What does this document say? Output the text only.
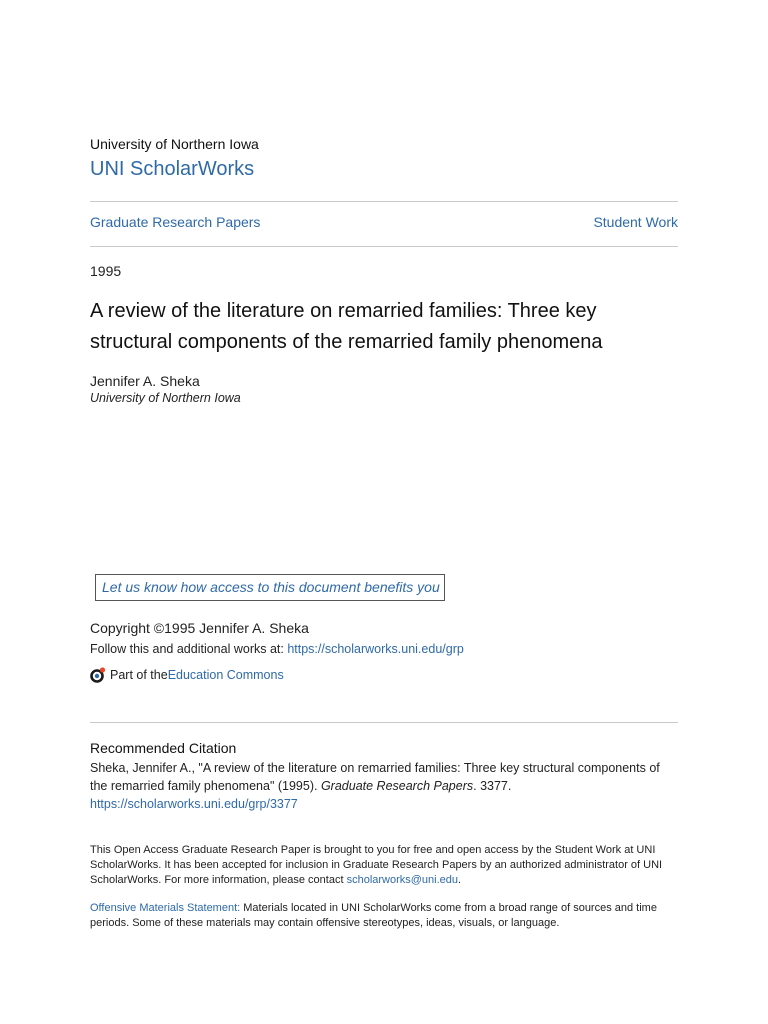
University of Northern Iowa
UNI ScholarWorks
Graduate Research Papers	Student Work
1995
A review of the literature on remarried families: Three key structural components of the remarried family phenomena
Jennifer A. Sheka
University of Northern Iowa
Let us know how access to this document benefits you
Copyright ©1995 Jennifer A. Sheka
Follow this and additional works at: https://scholarworks.uni.edu/grp
Part of the Education Commons
Recommended Citation
Sheka, Jennifer A., "A review of the literature on remarried families: Three key structural components of the remarried family phenomena" (1995). Graduate Research Papers. 3377.
https://scholarworks.uni.edu/grp/3377
This Open Access Graduate Research Paper is brought to you for free and open access by the Student Work at UNI ScholarWorks. It has been accepted for inclusion in Graduate Research Papers by an authorized administrator of UNI ScholarWorks. For more information, please contact scholarworks@uni.edu.
Offensive Materials Statement: Materials located in UNI ScholarWorks come from a broad range of sources and time periods. Some of these materials may contain offensive stereotypes, ideas, visuals, or language.
